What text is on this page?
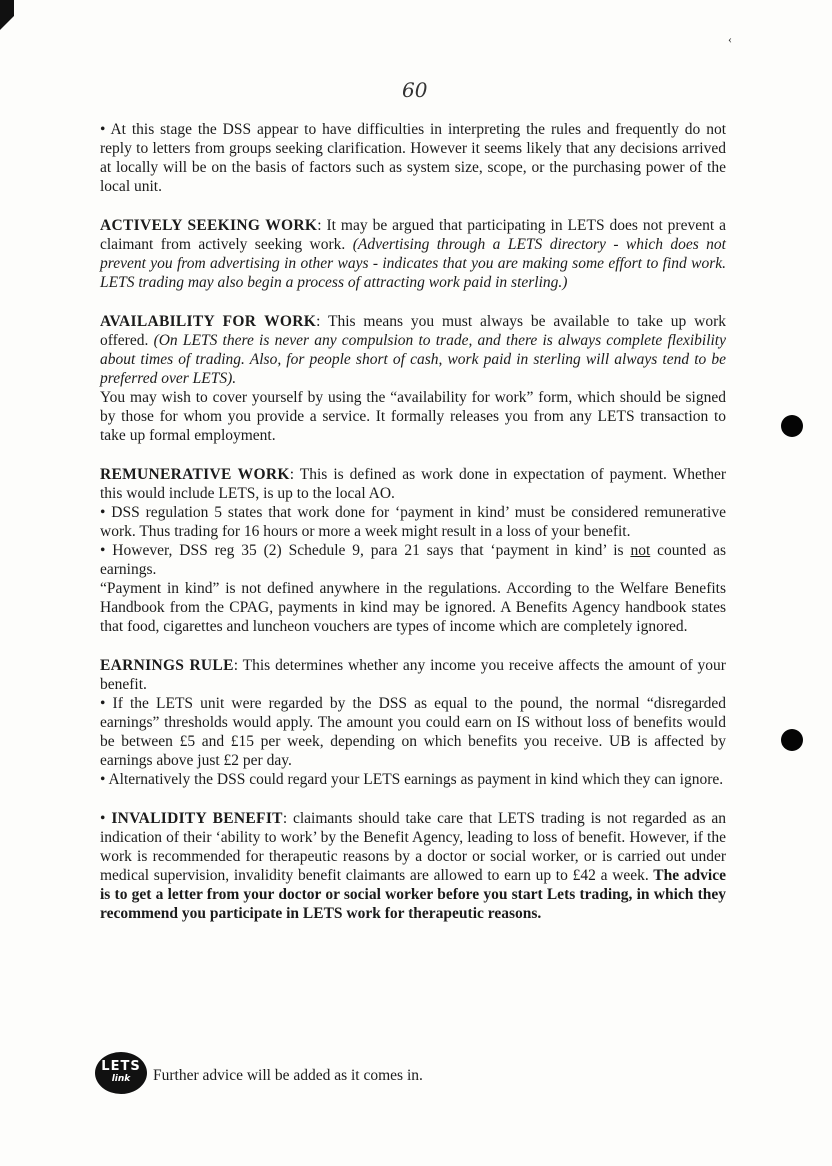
‹
60

• At this stage the DSS appear to have difficulties in interpreting the rules and frequently do not reply to letters from groups seeking clarification. However it seems likely that any decisions arrived at locally will be on the basis of factors such as system size, scope, or the purchasing power of the local unit.

ACTIVELY SEEKING WORK: It may be argued that participating in LETS does not prevent a claimant from actively seeking work. (Advertising through a LETS directory - which does not prevent you from advertising in other ways - indicates that you are making some effort to find work. LETS trading may also begin a process of attracting work paid in sterling.)

AVAILABILITY FOR WORK: This means you must always be available to take up work offered. (On LETS there is never any compulsion to trade, and there is always complete flexibility about times of trading. Also, for people short of cash, work paid in sterling will always tend to be preferred over LETS).
You may wish to cover yourself by using the “availability for work” form, which should be signed by those for whom you provide a service. It formally releases you from any LETS transaction to take up formal employment.

REMUNERATIVE WORK: This is defined as work done in expectation of payment. Whether this would include LETS, is up to the local AO.
• DSS regulation 5 states that work done for ‘payment in kind’ must be considered remunerative work. Thus trading for 16 hours or more a week might result in a loss of your benefit.
• However, DSS reg 35 (2) Schedule 9, para 21 says that ‘payment in kind’ is not counted as earnings.
“Payment in kind” is not defined anywhere in the regulations. According to the Welfare Benefits Handbook from the CPAG, payments in kind may be ignored. A Benefits Agency handbook states that food, cigarettes and luncheon vouchers are types of income which are completely ignored.

EARNINGS RULE: This determines whether any income you receive affects the amount of your benefit.
• If the LETS unit were regarded by the DSS as equal to the pound, the normal “disregarded earnings” thresholds would apply. The amount you could earn on IS without loss of benefits would be between £5 and £15 per week, depending on which benefits you receive. UB is affected by earnings above just £2 per day.
• Alternatively the DSS could regard your LETS earnings as payment in kind which they can ignore.

• INVALIDITY BENEFIT: claimants should take care that LETS trading is not regarded as an indication of their ‘ability to work’ by the Benefit Agency, leading to loss of benefit. However, if the work is recommended for therapeutic reasons by a doctor or social worker, or is carried out under medical supervision, invalidity benefit claimants are allowed to earn up to £42 a week. The advice is to get a letter from your doctor or social worker before you start Lets trading, in which they recommend you participate in LETS work for therapeutic reasons.

LETS
link Further advice will be added as it comes in.
